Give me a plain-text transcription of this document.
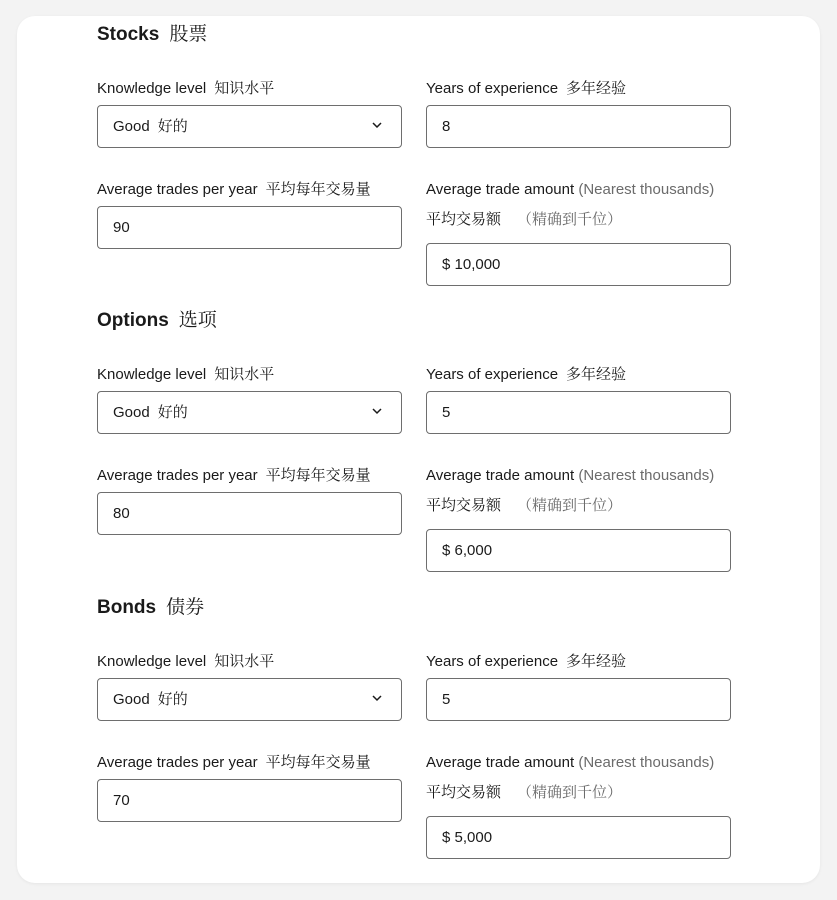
Stocks 股票
Knowledge level 知识水平
Good 好的
Years of experience 多年经验
8
Average trades per year 平均每年交易量
90
Average trade amount (Nearest thousands)
平均交易额 （精确到千位）
$ 10,000
Options 选项
Knowledge level 知识水平
Good 好的
Years of experience 多年经验
5
Average trades per year 平均每年交易量
80
Average trade amount (Nearest thousands)
平均交易额 （精确到千位）
$ 6,000
Bonds 债券
Knowledge level 知识水平
Good 好的
Years of experience 多年经验
5
Average trades per year 平均每年交易量
70
Average trade amount (Nearest thousands)
平均交易额 （精确到千位）
$ 5,000
